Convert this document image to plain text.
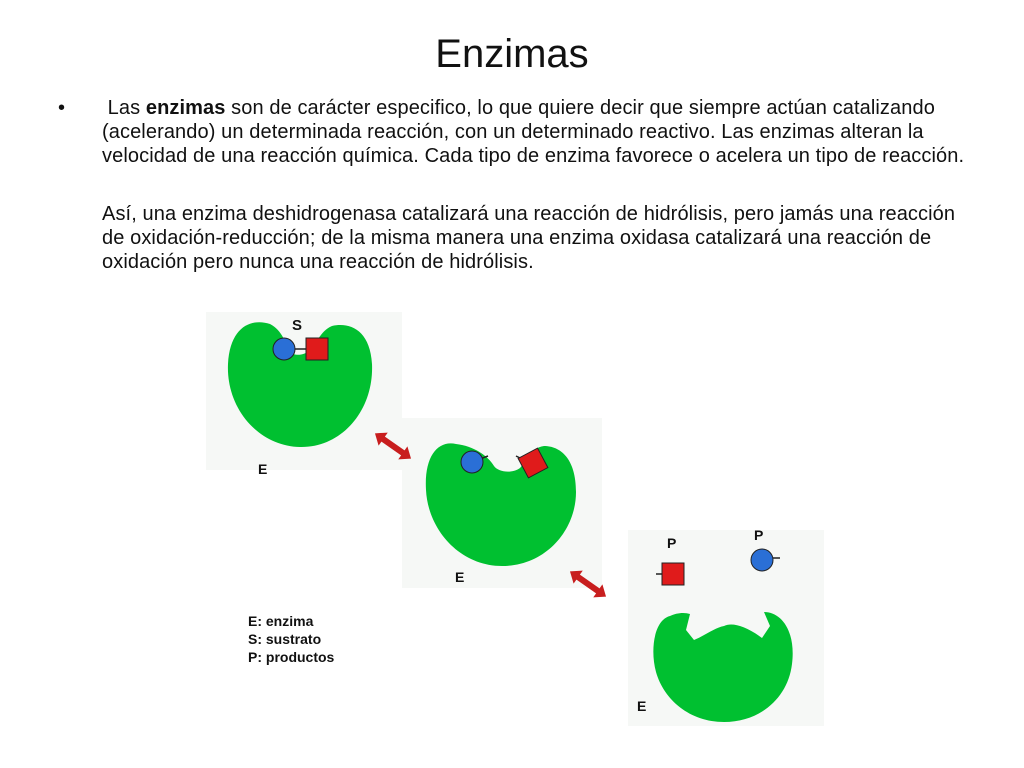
Enzimas
• Las enzimas son de carácter especifico, lo que quiere decir que siempre actúan catalizando (acelerando) un determinada reacción, con un determinado reactivo. Las enzimas alteran la velocidad de una reacción química. Cada tipo de enzima favorece o acelera un tipo de reacción.
Así, una enzima deshidrogenasa catalizará una reacción de hidrólisis, pero jamás una reacción de oxidación-reducción; de la misma manera una enzima oxidasa catalizará una reacción de oxidación pero nunca una reacción de hidrólisis.
S
E
E
P	P
E
E: enzima
S: sustrato
P: productos
